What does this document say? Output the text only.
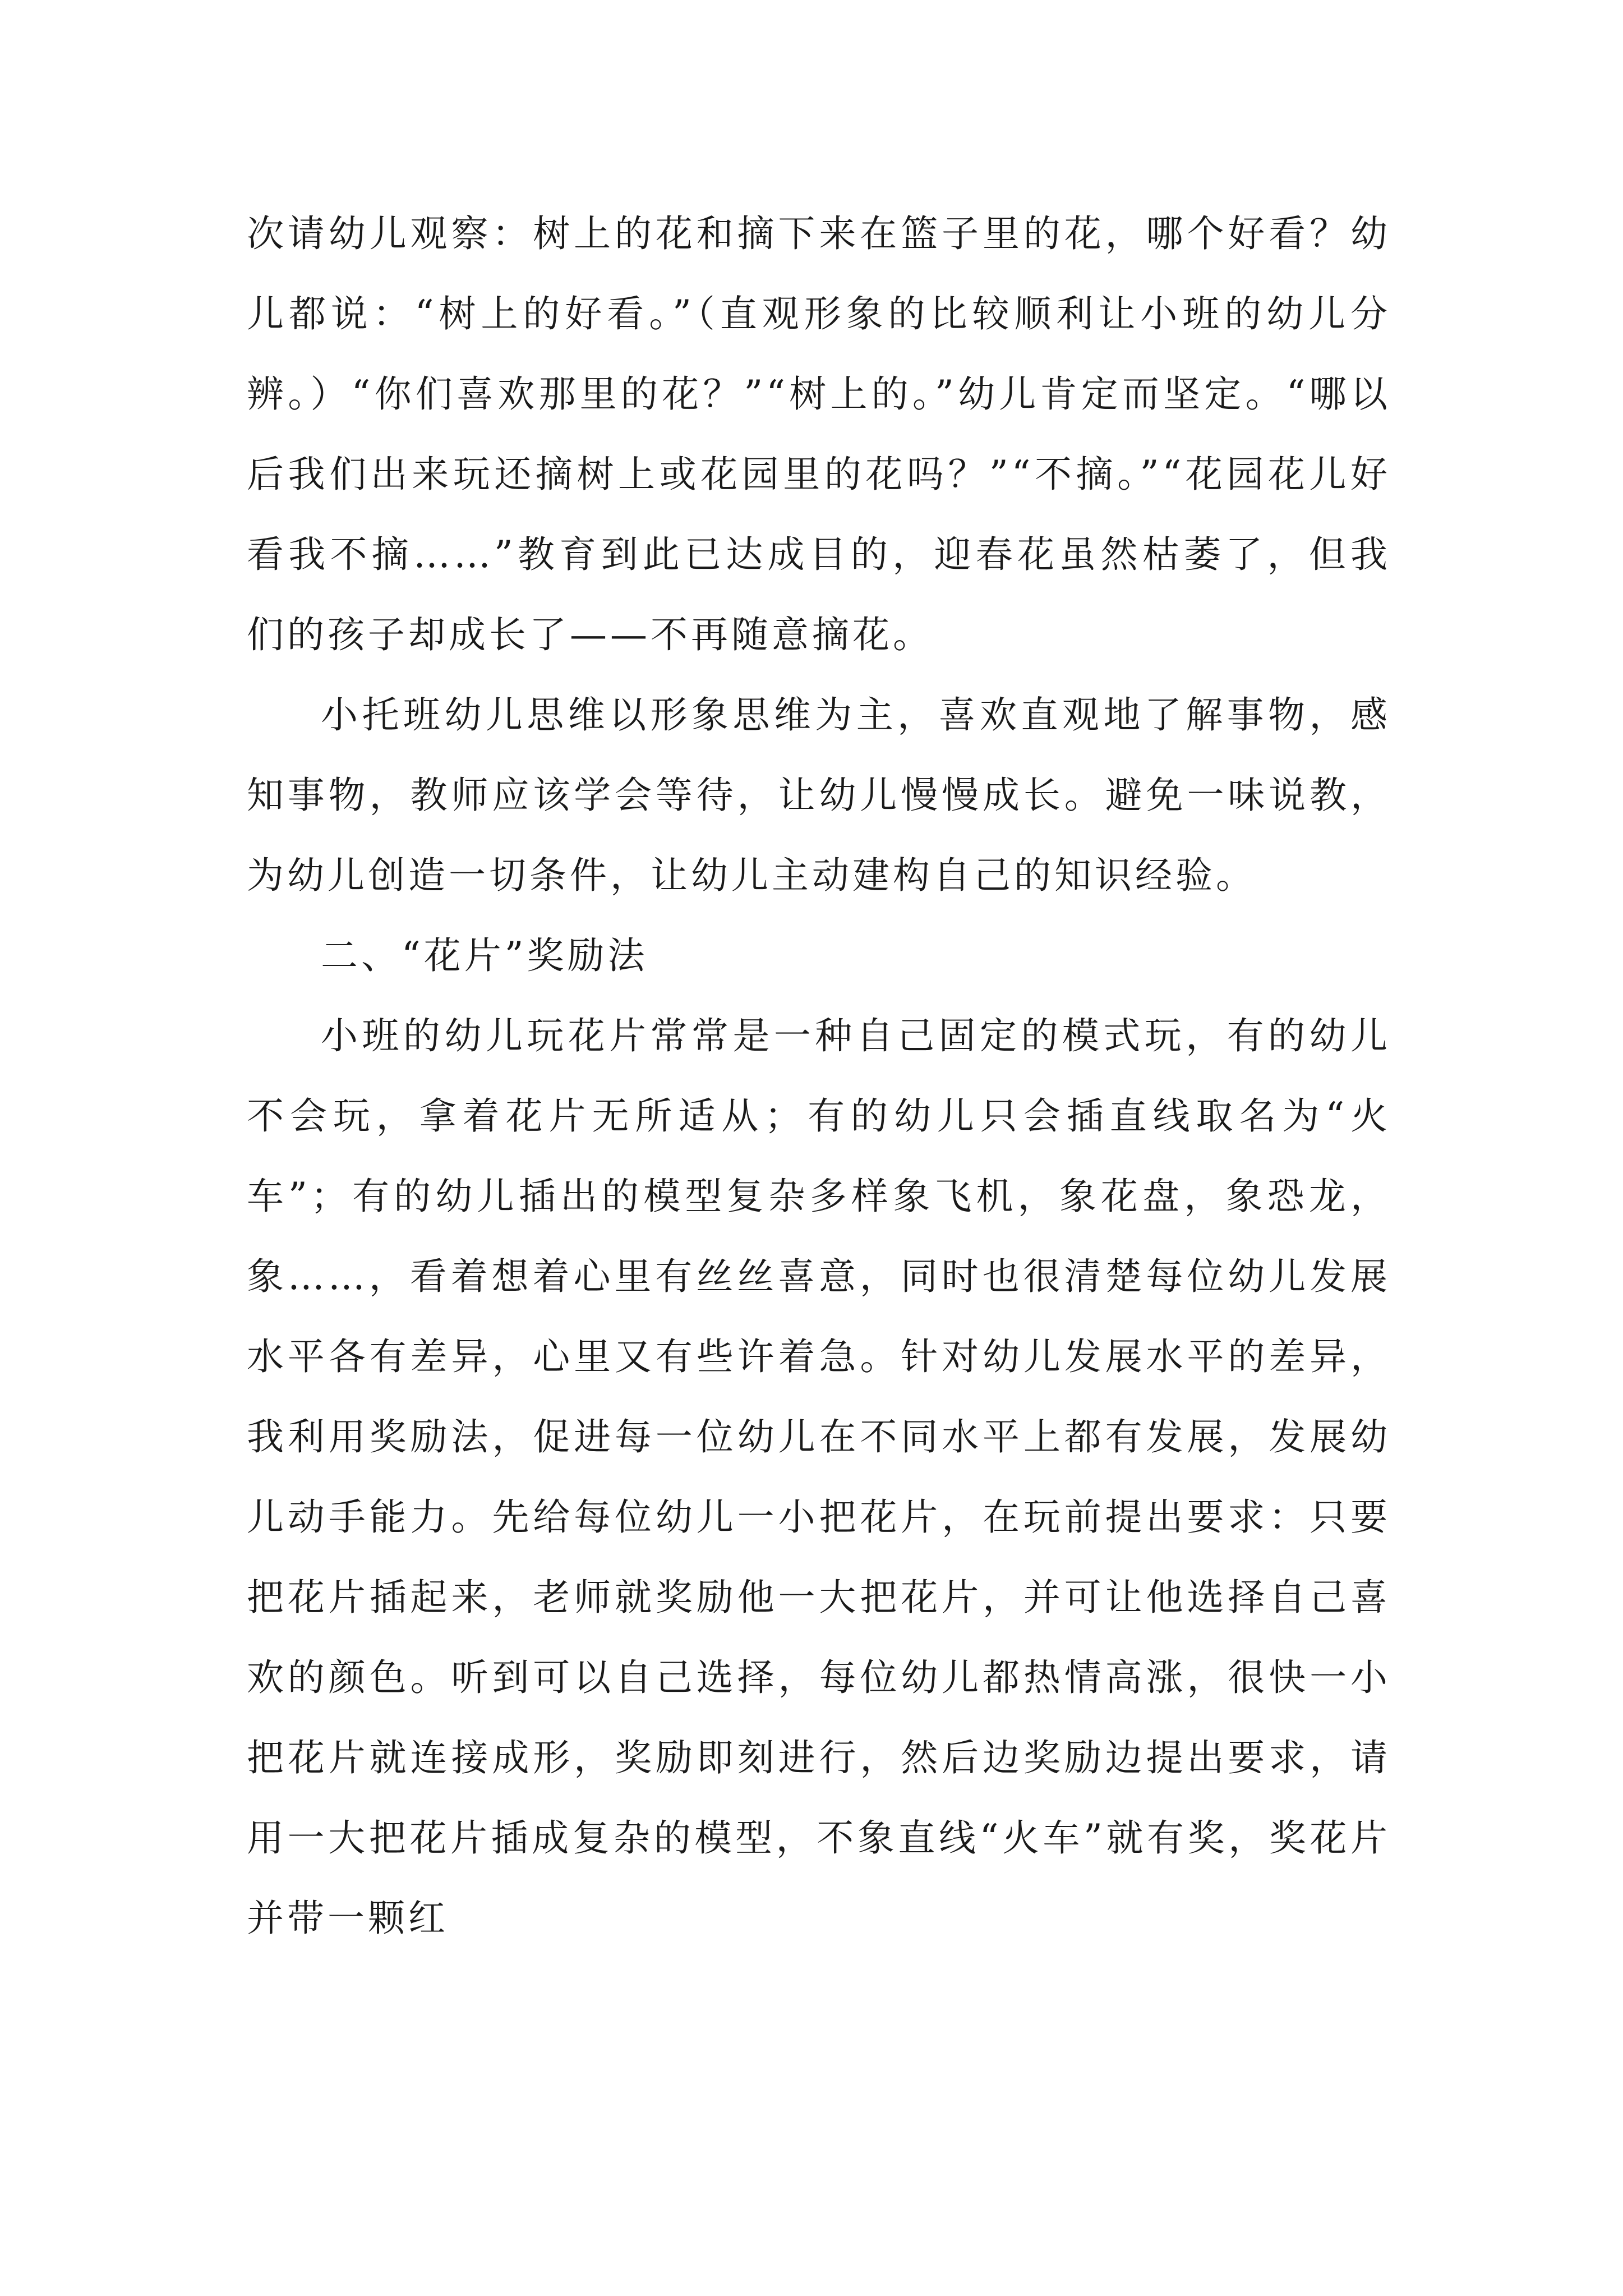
次请幼儿观察：树上的花和摘下来在篮子里的花，哪个好看？幼儿都说：“树上的好看。”（直观形象的比较顺利让小班的幼儿分辨。）“你们喜欢那里的花？”“树上的。”幼儿肯定而坚定。“哪以后我们出来玩还摘树上或花园里的花吗？”“不摘。”“花园花儿好看我不摘……”教育到此已达成目的，迎春花虽然枯萎了，但我们的孩子却成长了——不再随意摘花。

小托班幼儿思维以形象思维为主，喜欢直观地了解事物，感知事物，教师应该学会等待，让幼儿慢慢成长。避免一味说教，为幼儿创造一切条件，让幼儿主动建构自己的知识经验。

二、“花片”奖励法

小班的幼儿玩花片常常是一种自己固定的模式玩，有的幼儿不会玩，拿着花片无所适从；有的幼儿只会插直线取名为“火车”；有的幼儿插出的模型复杂多样象飞机，象花盘，象恐龙，象……，看着想着心里有丝丝喜意，同时也很清楚每位幼儿发展水平各有差异，心里又有些许着急。针对幼儿发展水平的差异，我利用奖励法，促进每一位幼儿在不同水平上都有发展，发展幼儿动手能力。先给每位幼儿一小把花片，在玩前提出要求：只要把花片插起来，老师就奖励他一大把花片，并可让他选择自己喜欢的颜色。听到可以自己选择，每位幼儿都热情高涨，很快一小把花片就连接成形，奖励即刻进行，然后边奖励边提出要求，请用一大把花片插成复杂的模型，不象直线“火车”就有奖，奖花片并带一颗红
